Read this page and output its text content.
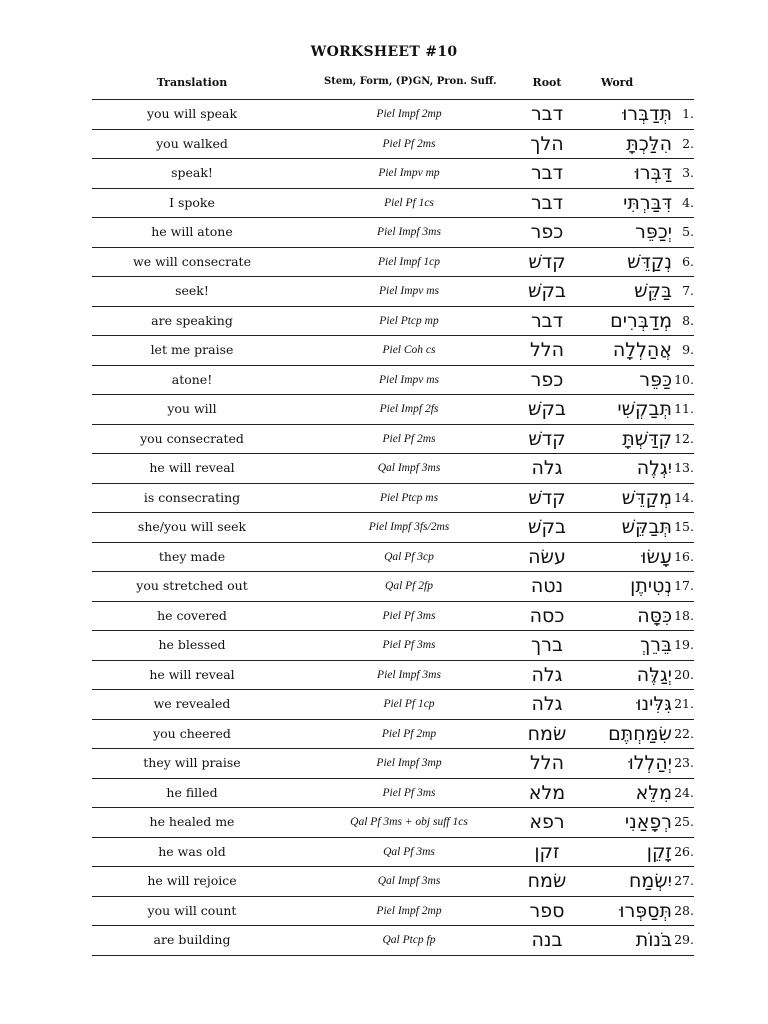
WORKSHEET #10
Translation	Stem, Form, (P)GN, Pron. Suff.	Root	Word
you will speak	Piel Impf 2mp	דבר	תְּדַבְּרוּ 1.
you walked	Piel Pf 2ms	הלך	הִלַּכְתָּ 2.
speak!	Piel Impv mp	דבר	דַּבְּרוּ 3.
I spoke	Piel Pf 1cs	דבר	דִּבַּרְתִּי 4.
he will atone	Piel Impf 3ms	כפר	יְכַפֵּר 5.
we will consecrate	Piel Impf 1cp	קדשׁ	נְקַדֵּשׁ 6.
seek!	Piel Impv ms	בקשׁ	בַּקֵּשׁ 7.
are speaking	Piel Ptcp mp	דבר	מְדַבְּרִים 8.
let me praise	Piel Coh cs	הלל	אֲהַלְלָה 9.
atone!	Piel Impv ms	כפר	כַּפֵּר 10.
you will	Piel Impf 2fs	בקשׁ	תְּבַקְשִׁי 11.
you consecrated	Piel Pf 2ms	קדשׁ	קִדַּשְׁתָּ 12.
he will reveal	Qal Impf 3ms	גלה	יִגְלֶה 13.
is consecrating	Piel Ptcp ms	קדשׁ	מְקַדֵּשׁ 14.
she/you will seek	Piel Impf 3fs/2ms	בקשׁ	תְּבַקֵּשׁ 15.
they made	Qal Pf 3cp	עשׂה	עָשׂוּ 16.
you stretched out	Qal Pf 2fp	נטה	נְטִיתֶן 17.
he covered	Piel Pf 3ms	כסה	כִּסָּה 18.
he blessed	Piel Pf 3ms	ברך	בֵּרֵךְ 19.
he will reveal	Piel Impf 3ms	גלה	יְגַלֶּה 20.
we revealed	Piel Pf 1cp	גלה	גִּלִּינוּ 21.
you cheered	Piel Pf 2mp	שׂמח	שִׂמַּחְתֶּם 22.
they will praise	Piel Impf 3mp	הלל	יְהַלְלוּ 23.
he filled	Piel Pf 3ms	מלא	מִלֵּא 24.
he healed me	Qal Pf 3ms + obj suff 1cs	רפא	רְפָאַנִי 25.
he was old	Qal Pf 3ms	זקן	זָקֵן 26.
he will rejoice	Qal Impf 3ms	שׂמח	יִשְׂמַח 27.
you will count	Piel Impf 2mp	ספר	תְּסַפְּרוּ 28.
are building	Qal Ptcp fp	בנה	בֹּנוֹת 29.
